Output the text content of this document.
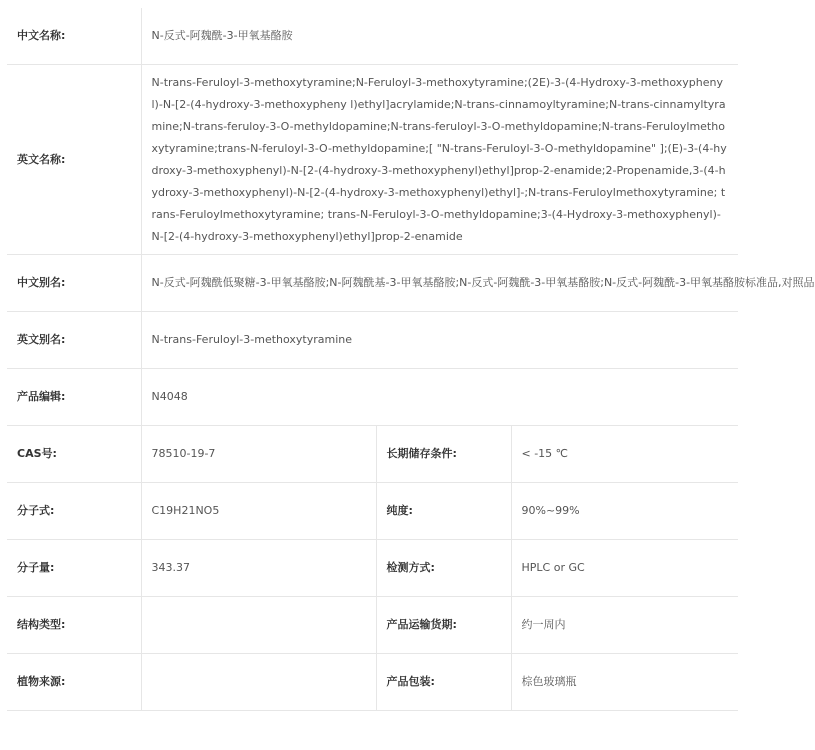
中文名称:	N-反式-阿魏酰-3-甲氧基酪胺		
英文名称:	N-trans-Feruloyl-3-methoxytyramine;N-Feruloyl-3-methoxytyramine;(2E)-3-(4-Hydroxy-3-methoxyphenyl)-N-[2-(4-hydroxy-3-methoxypheny l)ethyl]acrylamide;N-trans-cinnamoyltyramine;N-trans-cinnamyltyramine;N-trans-feruloy-3-O-methyldopamine;N-trans-feruloyl-3-O-methyldopamine;N-trans-Feruloylmethoxytyramine;trans-N-feruloyl-3-O-methyldopamine;[ "N-trans-Feruloyl-3-O-methyldopamine" ];(E)-3-(4-hydroxy-3-methoxyphenyl)-N-[2-(4-hydroxy-3-methoxyphenyl)ethyl]prop-2-enamide;2-Propenamide,3-(4-hydroxy-3-methoxyphenyl)-N-[2-(4-hydroxy-3-methoxyphenyl)ethyl]-;N-trans-Feruloylmethoxytyramine; trans-Feruloylmethoxytyramine; trans-N-Feruloyl-3-O-methyldopamine;3-(4-Hydroxy-3-methoxyphenyl)-N-[2-(4-hydroxy-3-methoxyphenyl)ethyl]prop-2-enamide		
中文别名:	N-反式-阿魏酰低聚糖-3-甲氧基酪胺;N-阿魏酰基-3-甲氧基酪胺;N-反式-阿魏酰-3-甲氧基酪胺;N-反式-阿魏酰-3-甲氧基酪胺标准品,对照品		
英文别名:	N-trans-Feruloyl-3-methoxytyramine		
产品编辑:	N4048		
CAS号:	78510-19-7	长期储存条件:	< -15 ℃
分子式:	C19H21NO5	纯度:	90%~99%
分子量:	343.37	检测方式:	HPLC or GC
结构类型:		产品运输货期:	约一周内
植物来源:		产品包装:	棕色玻璃瓶
